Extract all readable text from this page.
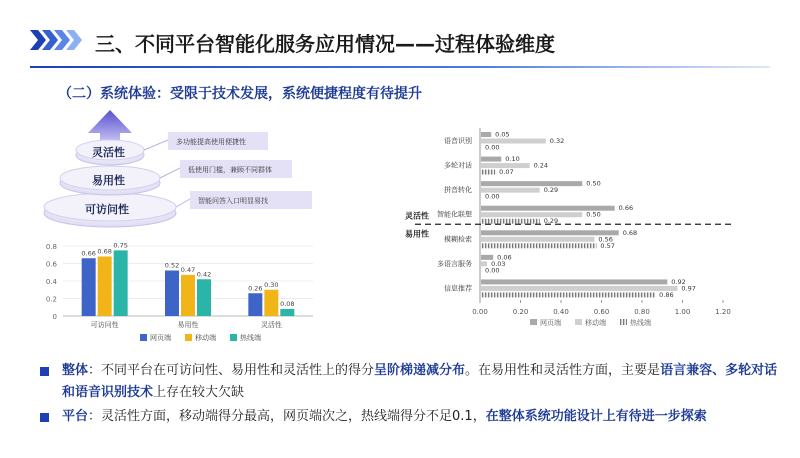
三、不同平台智能化服务应用情况——过程体验维度
（二）系统体验：受限于技术发展，系统便捷程度有待提升
灵活性
易用性
可访问性
多功能提高使用便捷性
低使用门槛，兼顾不同群体
智能问答入口明显易找
0
0.2
0.4
0.6
0.8
0.66 0.68
0.75
可访问性
0.52
0.47
0.42
易用性
0.26 0.30
0.08
灵活性
网页端	移动端	热线端
0.00	0.20	0.40	0.60	0.80	1.00	1.20
语音识别
0.05
0.32
0.00
多轮对话
0.10
0.24
0.07
拼音转化
0.50
0.29
0.00
智能化联想
0.66
0.50
0.29
模糊检索
0.68
0.56
0.57
多语言服务
0.06
0.03
0.00
信息推荐
0.92
0.97
0.86
灵活性
易用性
网页端	移动端	热线端
整体：不同平台在可访问性、易用性和灵活性上的得分呈阶梯递减分布。在易用性和灵活性方面，主要是语言兼容、多轮对话和语音识别技术上存在较大欠缺
平台：灵活性方面，移动端得分最高，网页端次之，热线端得分不足0.1，在整体系统功能设计上有待进一步探索
